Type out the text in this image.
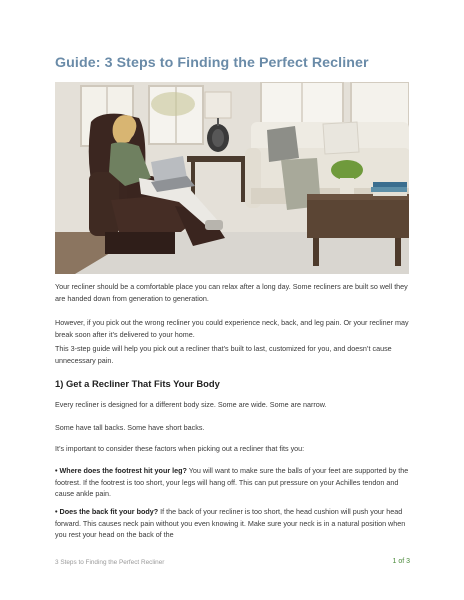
Guide: 3 Steps to Finding the Perfect Recliner

Your recliner should be a comfortable place you can relax after a long day. Some recliners are built so well they are handed down from generation to generation.

However, if you pick out the wrong recliner you could experience neck, back, and leg pain. Or your recliner may break soon after it’s delivered to your home.

This 3-step guide will help you pick out a recliner that’s built to last, customized for you, and doesn’t cause unnecessary pain.

1) Get a Recliner That Fits Your Body

Every recliner is designed for a different body size. Some are wide. Some are narrow.

Some have tall backs. Some have short backs.

It’s important to consider these factors when picking out a recliner that fits you:

• Where does the footrest hit your leg? You will want to make sure the balls of your feet are supported by the footrest. If the footrest is too short, your legs will hang off. This can put pressure on your Achilles tendon and cause ankle pain.

• Does the back fit your body? If the back of your recliner is too short, the head cushion will push your head forward. This causes neck pain without you even knowing it. Make sure your neck is in a natural position when you rest your head on the back of the

3 Steps to Finding the Perfect Recliner	1 of 3
